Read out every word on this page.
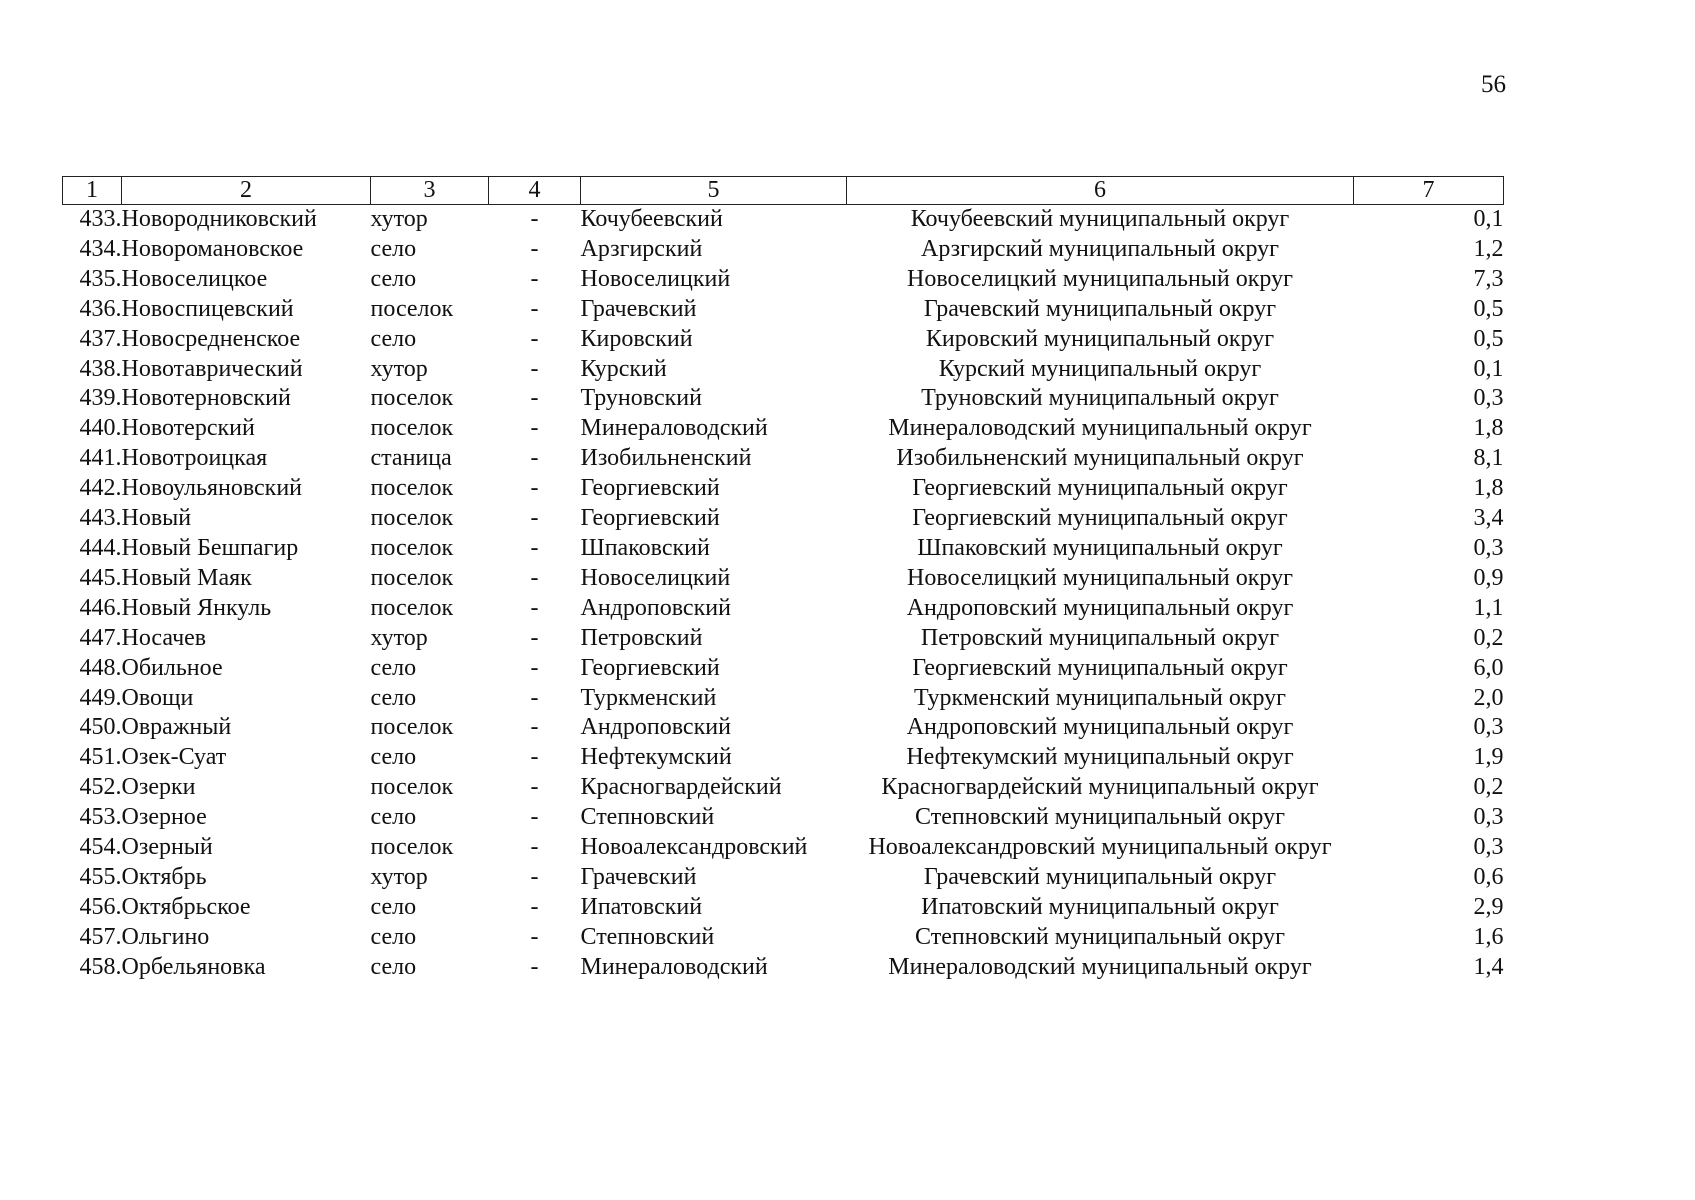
56
1	2	3	4	5	6	7
433.	Новородниковский	хутор	-	Кочубеевский	Кочубеевский муниципальный округ	0,1
434.	Новоромановское	село	-	Арзгирский	Арзгирский муниципальный округ	1,2
435.	Новоселицкое	село	-	Новоселицкий	Новоселицкий муниципальный округ	7,3
436.	Новоспицевский	поселок	-	Грачевский	Грачевский муниципальный округ	0,5
437.	Новосредненское	село	-	Кировский	Кировский муниципальный округ	0,5
438.	Новотаврический	хутор	-	Курский	Курский муниципальный округ	0,1
439.	Новотерновский	поселок	-	Труновский	Труновский муниципальный округ	0,3
440.	Новотерский	поселок	-	Минераловодский	Минераловодский муниципальный округ	1,8
441.	Новотроицкая	станица	-	Изобильненский	Изобильненский муниципальный округ	8,1
442.	Новоульяновский	поселок	-	Георгиевский	Георгиевский муниципальный округ	1,8
443.	Новый	поселок	-	Георгиевский	Георгиевский муниципальный округ	3,4
444.	Новый Бешпагир	поселок	-	Шпаковский	Шпаковский муниципальный округ	0,3
445.	Новый Маяк	поселок	-	Новоселицкий	Новоселицкий муниципальный округ	0,9
446.	Новый Янкуль	поселок	-	Андроповский	Андроповский муниципальный округ	1,1
447.	Носачев	хутор	-	Петровский	Петровский муниципальный округ	0,2
448.	Обильное	село	-	Георгиевский	Георгиевский муниципальный округ	6,0
449.	Овощи	село	-	Туркменский	Туркменский муниципальный округ	2,0
450.	Овражный	поселок	-	Андроповский	Андроповский муниципальный округ	0,3
451.	Озек-Суат	село	-	Нефтекумский	Нефтекумский муниципальный округ	1,9
452.	Озерки	поселок	-	Красногвардейский	Красногвардейский муниципальный округ	0,2
453.	Озерное	село	-	Степновский	Степновский муниципальный округ	0,3
454.	Озерный	поселок	-	Новоалександровский	Новоалександровский муниципальный округ	0,3
455.	Октябрь	хутор	-	Грачевский	Грачевский муниципальный округ	0,6
456.	Октябрьское	село	-	Ипатовский	Ипатовский муниципальный округ	2,9
457.	Ольгино	село	-	Степновский	Степновский муниципальный округ	1,6
458.	Орбельяновка	село	-	Минераловодский	Минераловодский муниципальный округ	1,4
